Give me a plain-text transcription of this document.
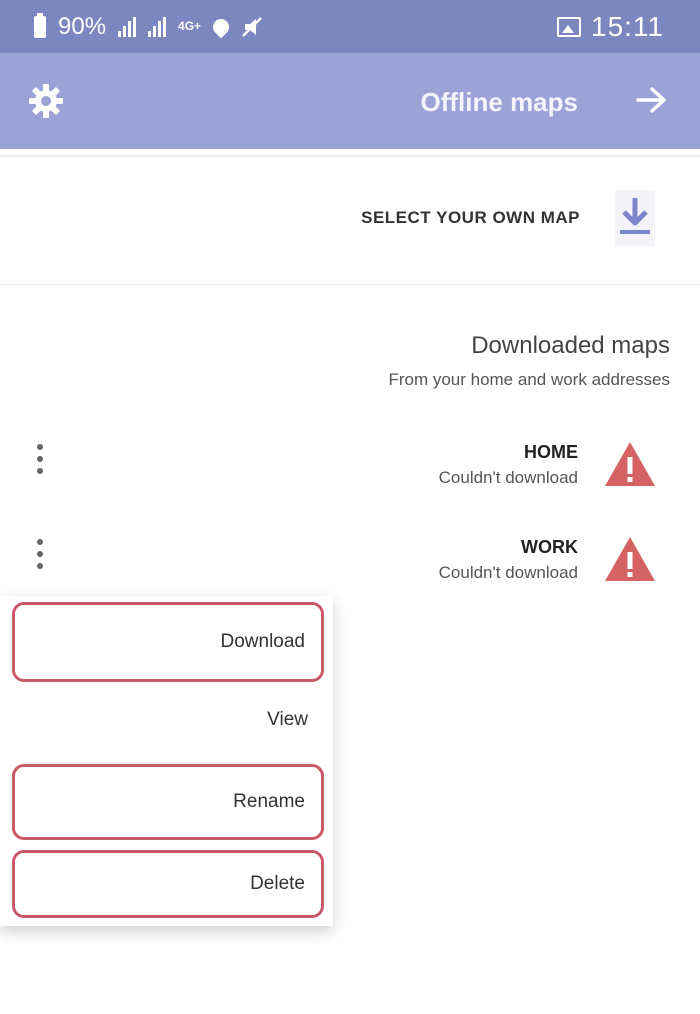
90%	4G+	15:11
Offline maps
SELECT YOUR OWN MAP
Downloaded maps
From your home and work addresses
HOME
Couldn't download
WORK
Couldn't download
Download
View
Rename
Delete
